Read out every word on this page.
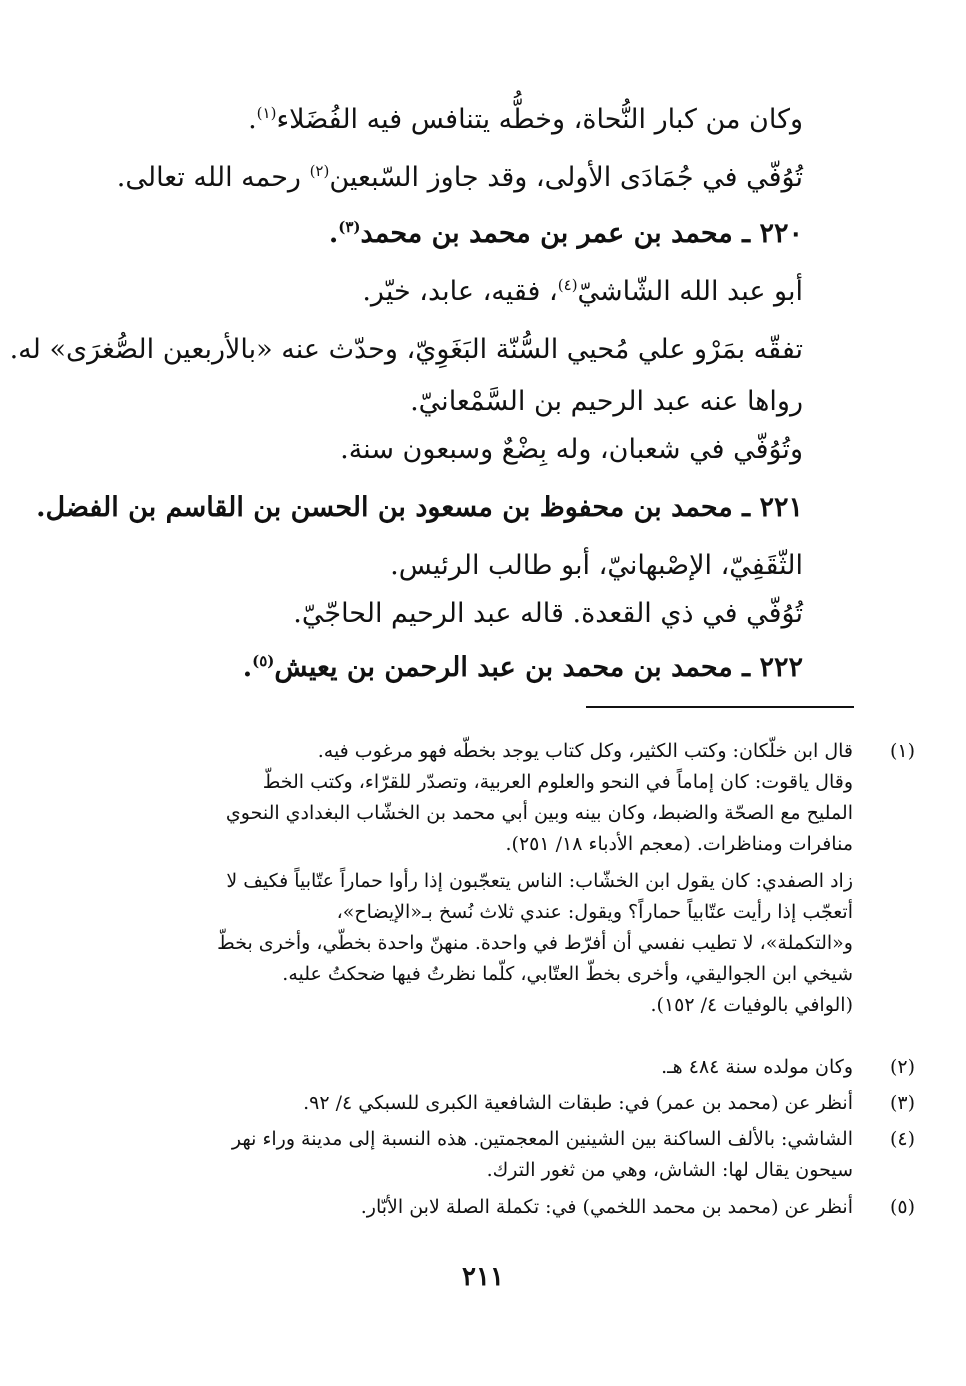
وكان من كبار النُّحاة، وخطُّه يتنافس فيه الفُضَلاء$^{(١)}$.
تُوُفّي في جُمَادَى الأولى، وقد جاوز السّبعين$^{(٢)}$ رحمه الله تعالى.
٢٢٠ ـ محمد بن عمر بن محمد بن محمد$^{(٣)}$.
أبو عبد الله الشّاشيّ$^{(٤)}$، فقيه، عابد، خيّر.
تفقّه بمَرْو علي مُحيي السُّنّة البَغَوِيّ، وحدّث عنه «بالأربعين الصُّغرَى» له.
رواها عنه عبد الرحيم بن السَّمْعانيّ.
وتُوُفّي في شعبان، وله بِضْعٌ وسبعون سنة.
٢٢١ ـ محمد بن محفوظ بن مسعود بن الحسن بن القاسم بن الفضل.
الثّقَفِيّ، الإصْبهانيّ، أبو طالب الرئيس.
تُوُفّي في ذي القعدة. قاله عبد الرحيم الحاجّيّ.
٢٢٢ ـ محمد بن محمد بن عبد الرحمن بن يعيش$^{(٥)}$.
(١)
قال ابن خلّكان: وكتب الكثير، وكل كتاب يوجد بخطّه فهو مرغوب فيه.
وقال ياقوت: كان إماماً في النحو والعلوم العربية، وتصدّر للقرّاء، وكتب الخطّ
المليح مع الصحّة والضبط، وكان بينه وبين أبي محمد بن الخشّاب البغدادي النحوي
منافرات ومناظرات. (معجم الأدباء ١٨/ ٢٥١).
زاد الصفدي: كان يقول ابن الخشّاب: الناس يتعجّبون إذا رأوا حماراً عتّابياً فكيف لا
أتعجّب إذا رأيت عتّابياً حماراً؟ ويقول: عندي ثلاث نُسخ بـ«الإيضاح»،
و«التكملة»، لا تطيب نفسي أن أفرّط في واحدة. منهنّ واحدة بخطّي، وأخرى بخطّ
شيخي ابن الجواليقي، وأخرى بخطّ العتّابي، كلّما نظرتُ فيها ضحكتُ عليه.
(الوافي بالوفيات ٤/ ١٥٢).
(٢)
وكان مولده سنة ٤٨٤ هـ.
(٣)
أنظر عن (محمد بن عمر) في: طبقات الشافعية الكبرى للسبكي ٤/ ٩٢.
(٤)
الشاشي: بالألف الساكنة بين الشينين المعجمتين. هذه النسبة إلى مدينة وراء نهر
سيحون يقال لها: الشاش، وهي من ثغور الترك.
(٥)
أنظر عن (محمد بن محمد اللخمي) في: تكملة الصلة لابن الأبّار.
٢١١
